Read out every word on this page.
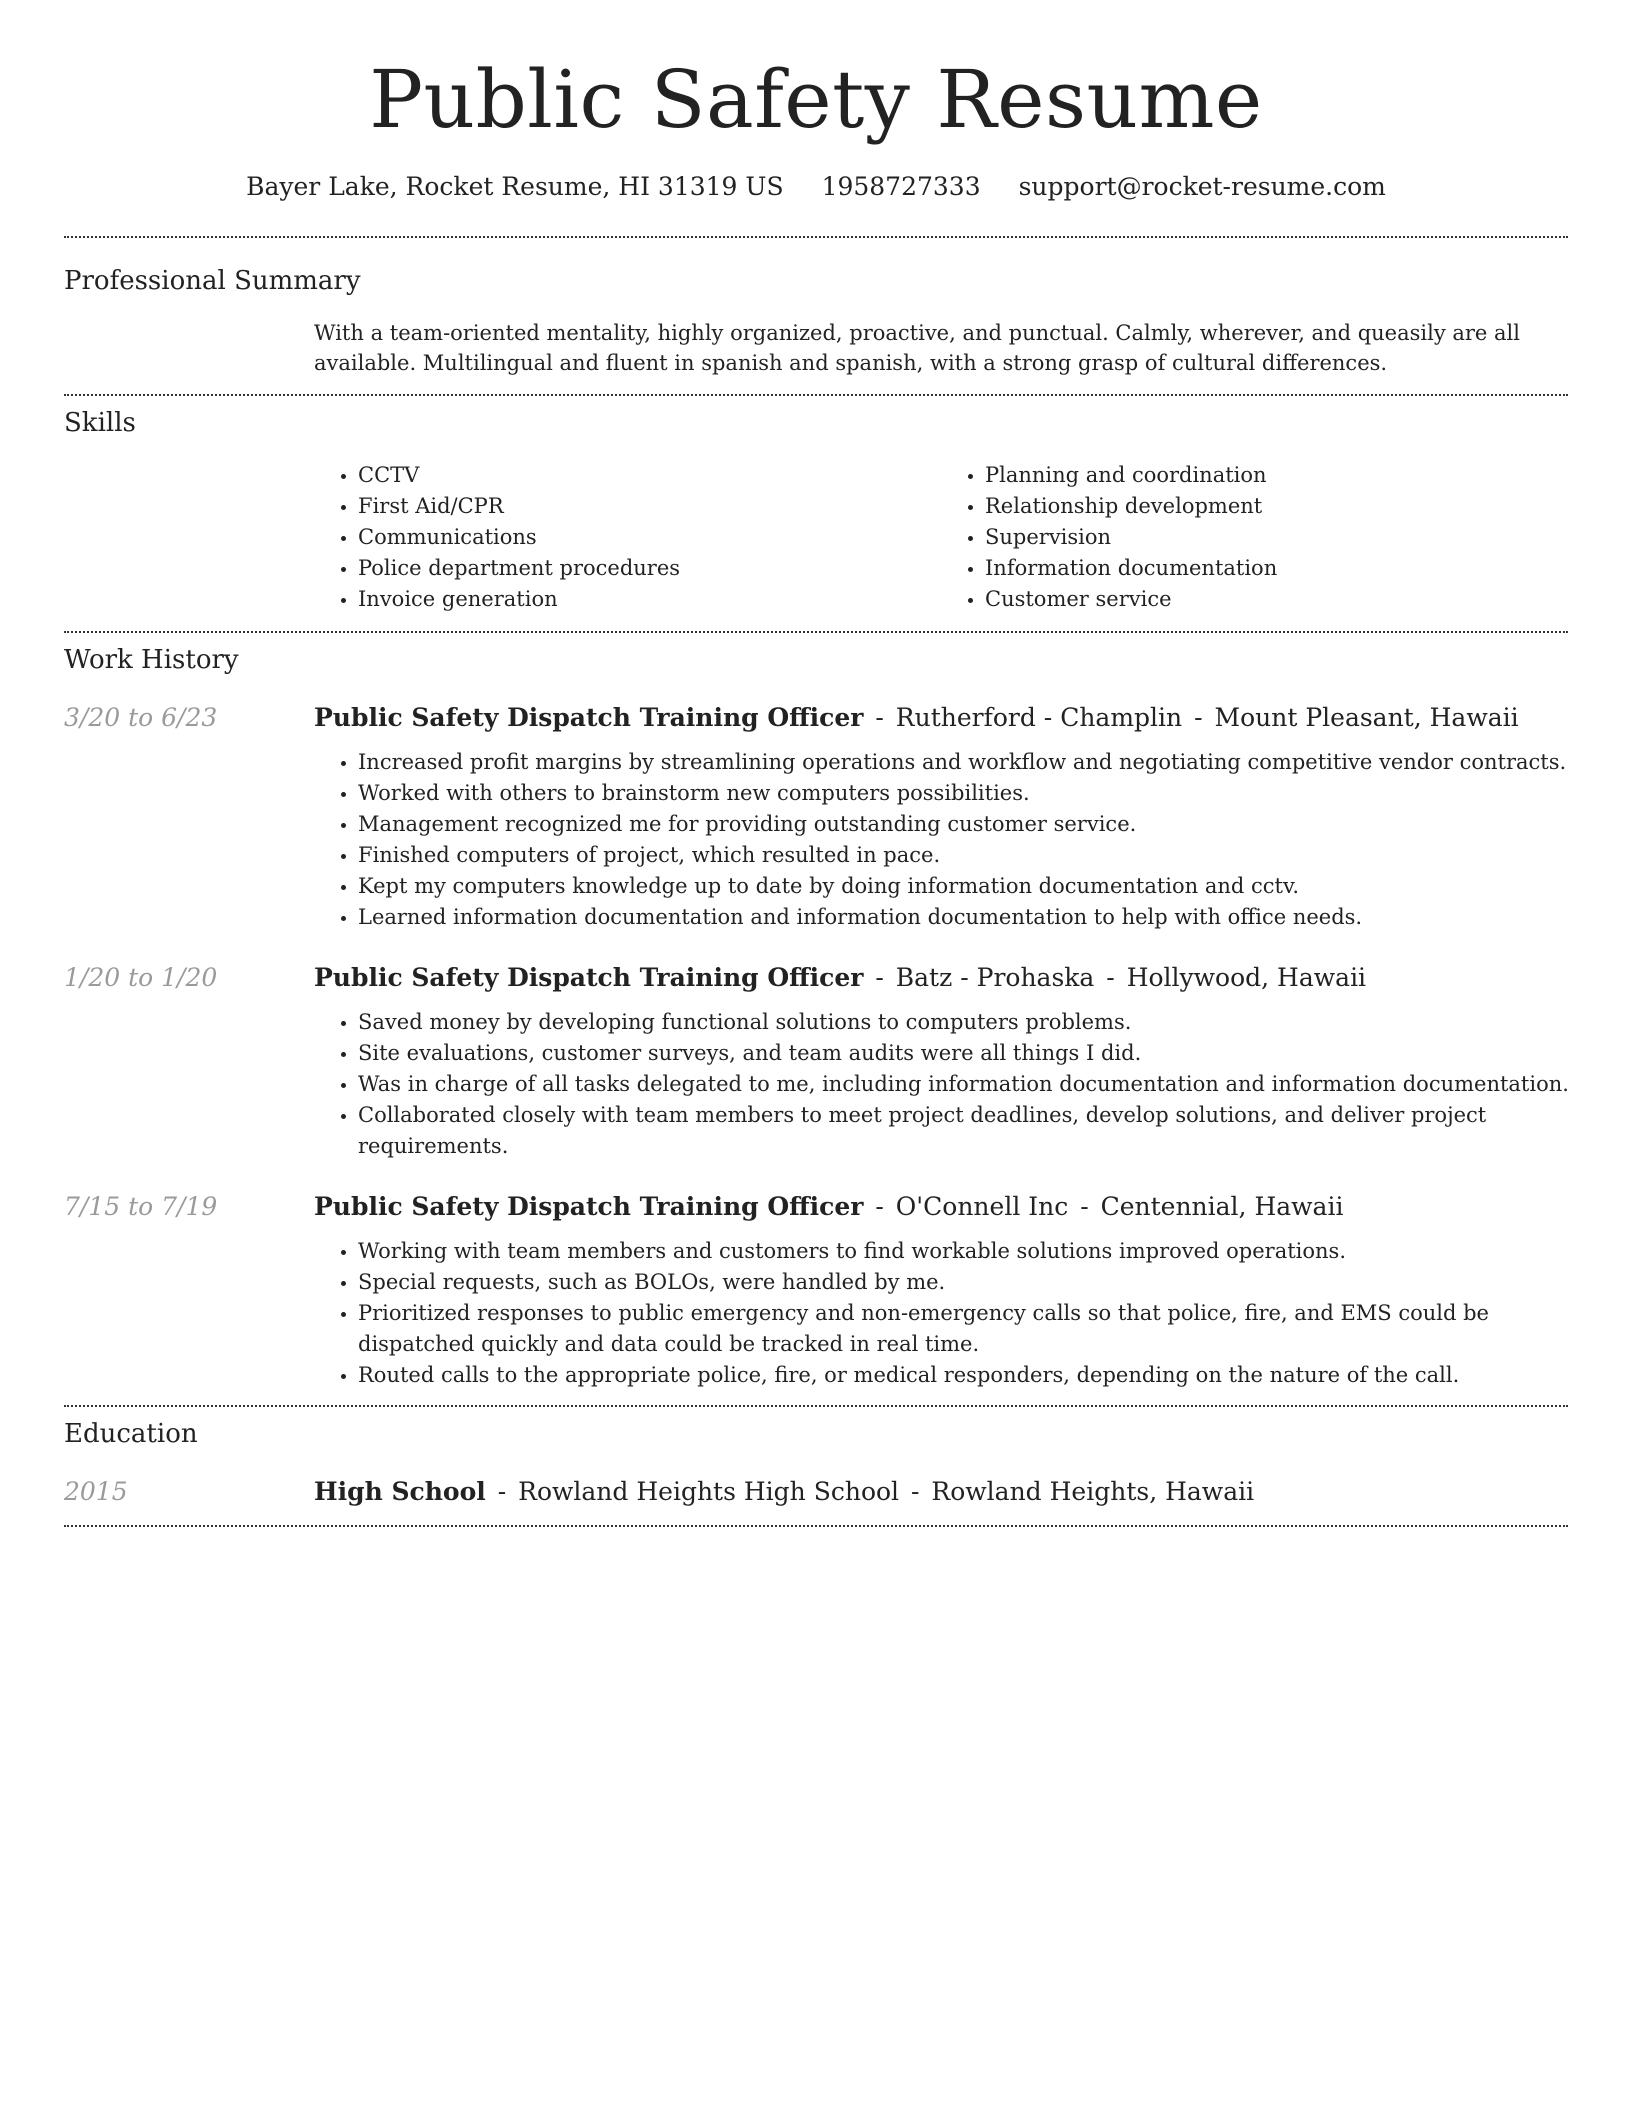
Public Safety Resume
Bayer Lake, Rocket Resume, HI 31319 US 1958727333 support@rocket-resume.com
Professional Summary
With a team-oriented mentality, highly organized, proactive, and punctual. Calmly, wherever, and queasily are all available. Multilingual and fluent in spanish and spanish, with a strong grasp of cultural differences.
Skills
• CCTV
• First Aid/CPR
• Communications
• Police department procedures
• Invoice generation
• Planning and coordination
• Relationship development
• Supervision
• Information documentation
• Customer service
Work History
3/20 to 6/23	Public Safety Dispatch Training Officer - Rutherford - Champlin - Mount Pleasant, Hawaii
• Increased profit margins by streamlining operations and workflow and negotiating competitive vendor contracts.
• Worked with others to brainstorm new computers possibilities.
• Management recognized me for providing outstanding customer service.
• Finished computers of project, which resulted in pace.
• Kept my computers knowledge up to date by doing information documentation and cctv.
• Learned information documentation and information documentation to help with office needs.
1/20 to 1/20	Public Safety Dispatch Training Officer - Batz - Prohaska - Hollywood, Hawaii
• Saved money by developing functional solutions to computers problems.
• Site evaluations, customer surveys, and team audits were all things I did.
• Was in charge of all tasks delegated to me, including information documentation and information documentation.
• Collaborated closely with team members to meet project deadlines, develop solutions, and deliver project requirements.
7/15 to 7/19	Public Safety Dispatch Training Officer - O'Connell Inc - Centennial, Hawaii
• Working with team members and customers to find workable solutions improved operations.
• Special requests, such as BOLOs, were handled by me.
• Prioritized responses to public emergency and non-emergency calls so that police, fire, and EMS could be dispatched quickly and data could be tracked in real time.
• Routed calls to the appropriate police, fire, or medical responders, depending on the nature of the call.
Education
2015	High School - Rowland Heights High School - Rowland Heights, Hawaii
